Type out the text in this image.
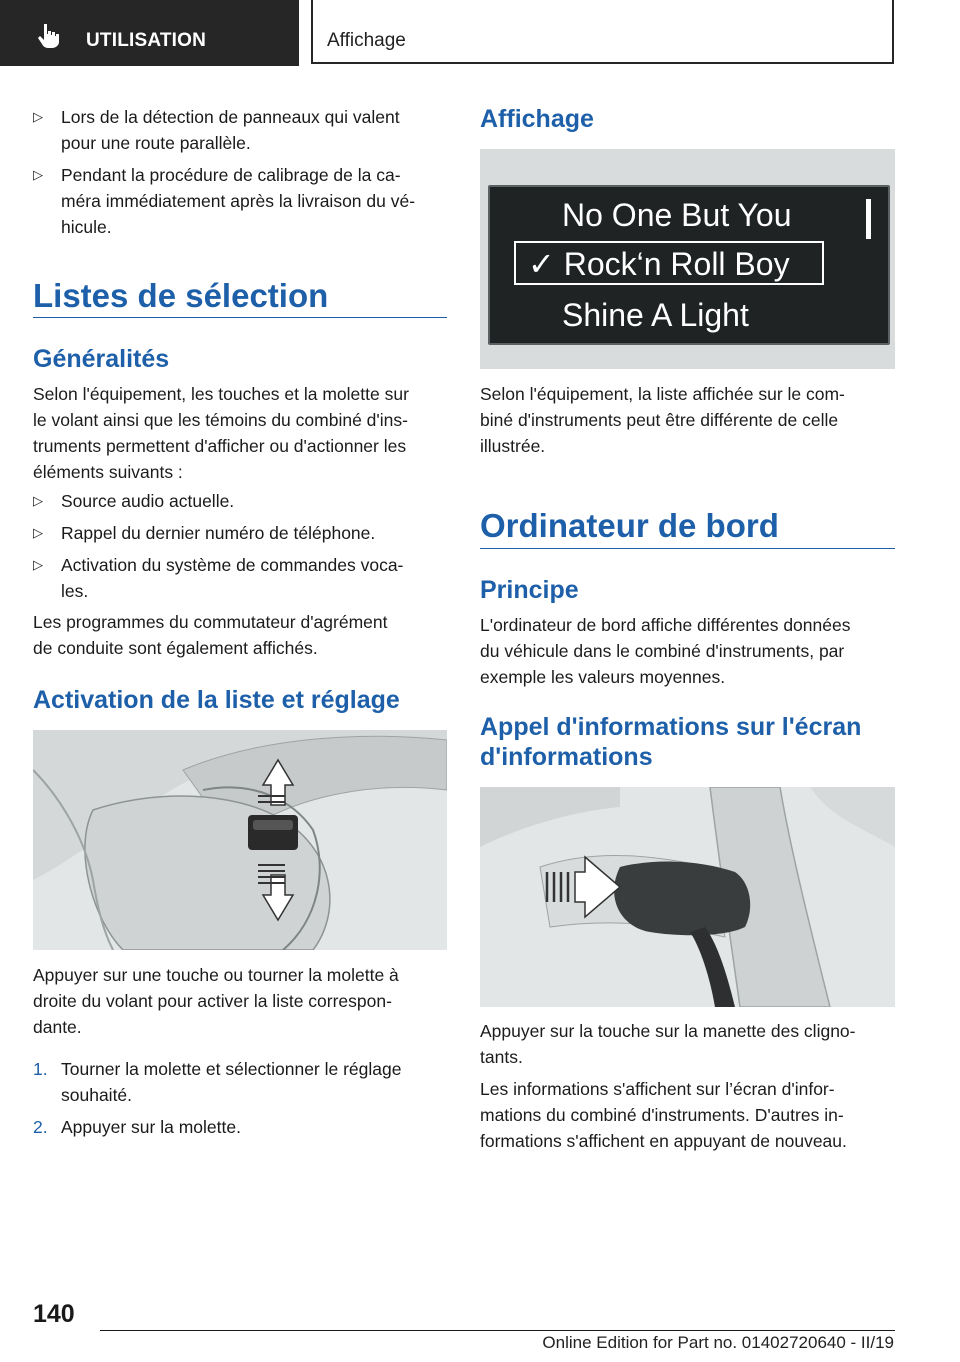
UTILISATION	Affichage
▷ Lors de la détection de panneaux qui valent
pour une route parallèle.
▷ Pendant la procédure de calibrage de la ca-
méra immédiatement après la livraison du vé-
hicule.
Listes de sélection
Généralités
Selon l'équipement, les touches et la molette sur
le volant ainsi que les témoins du combiné d'ins-
truments permettent d'afficher ou d'actionner les
éléments suivants :
▷ Source audio actuelle.
▷ Rappel du dernier numéro de téléphone.
▷ Activation du système de commandes voca-
les.
Les programmes du commutateur d'agrément
de conduite sont également affichés.
Activation de la liste et réglage
Appuyer sur une touche ou tourner la molette à
droite du volant pour activer la liste correspon-
dante.
1. Tourner la molette et sélectionner le réglage
souhaité.
2. Appuyer sur la molette.
Affichage
No One But You
✓ Rock‘n Roll Boy
Shine A Light
Selon l'équipement, la liste affichée sur le com-
biné d'instruments peut être différente de celle
illustrée.
Ordinateur de bord
Principe
L'ordinateur de bord affiche différentes données
du véhicule dans le combiné d'instruments, par
exemple les valeurs moyennes.
Appel d'informations sur l'écran
d'informations
Appuyer sur la touche sur la manette des cligno-
tants.
Les informations s'affichent sur l’écran d'infor-
mations du combiné d'instruments. D'autres in-
formations s'affichent en appuyant de nouveau.
140
Online Edition for Part no. 01402720640 - II/19
